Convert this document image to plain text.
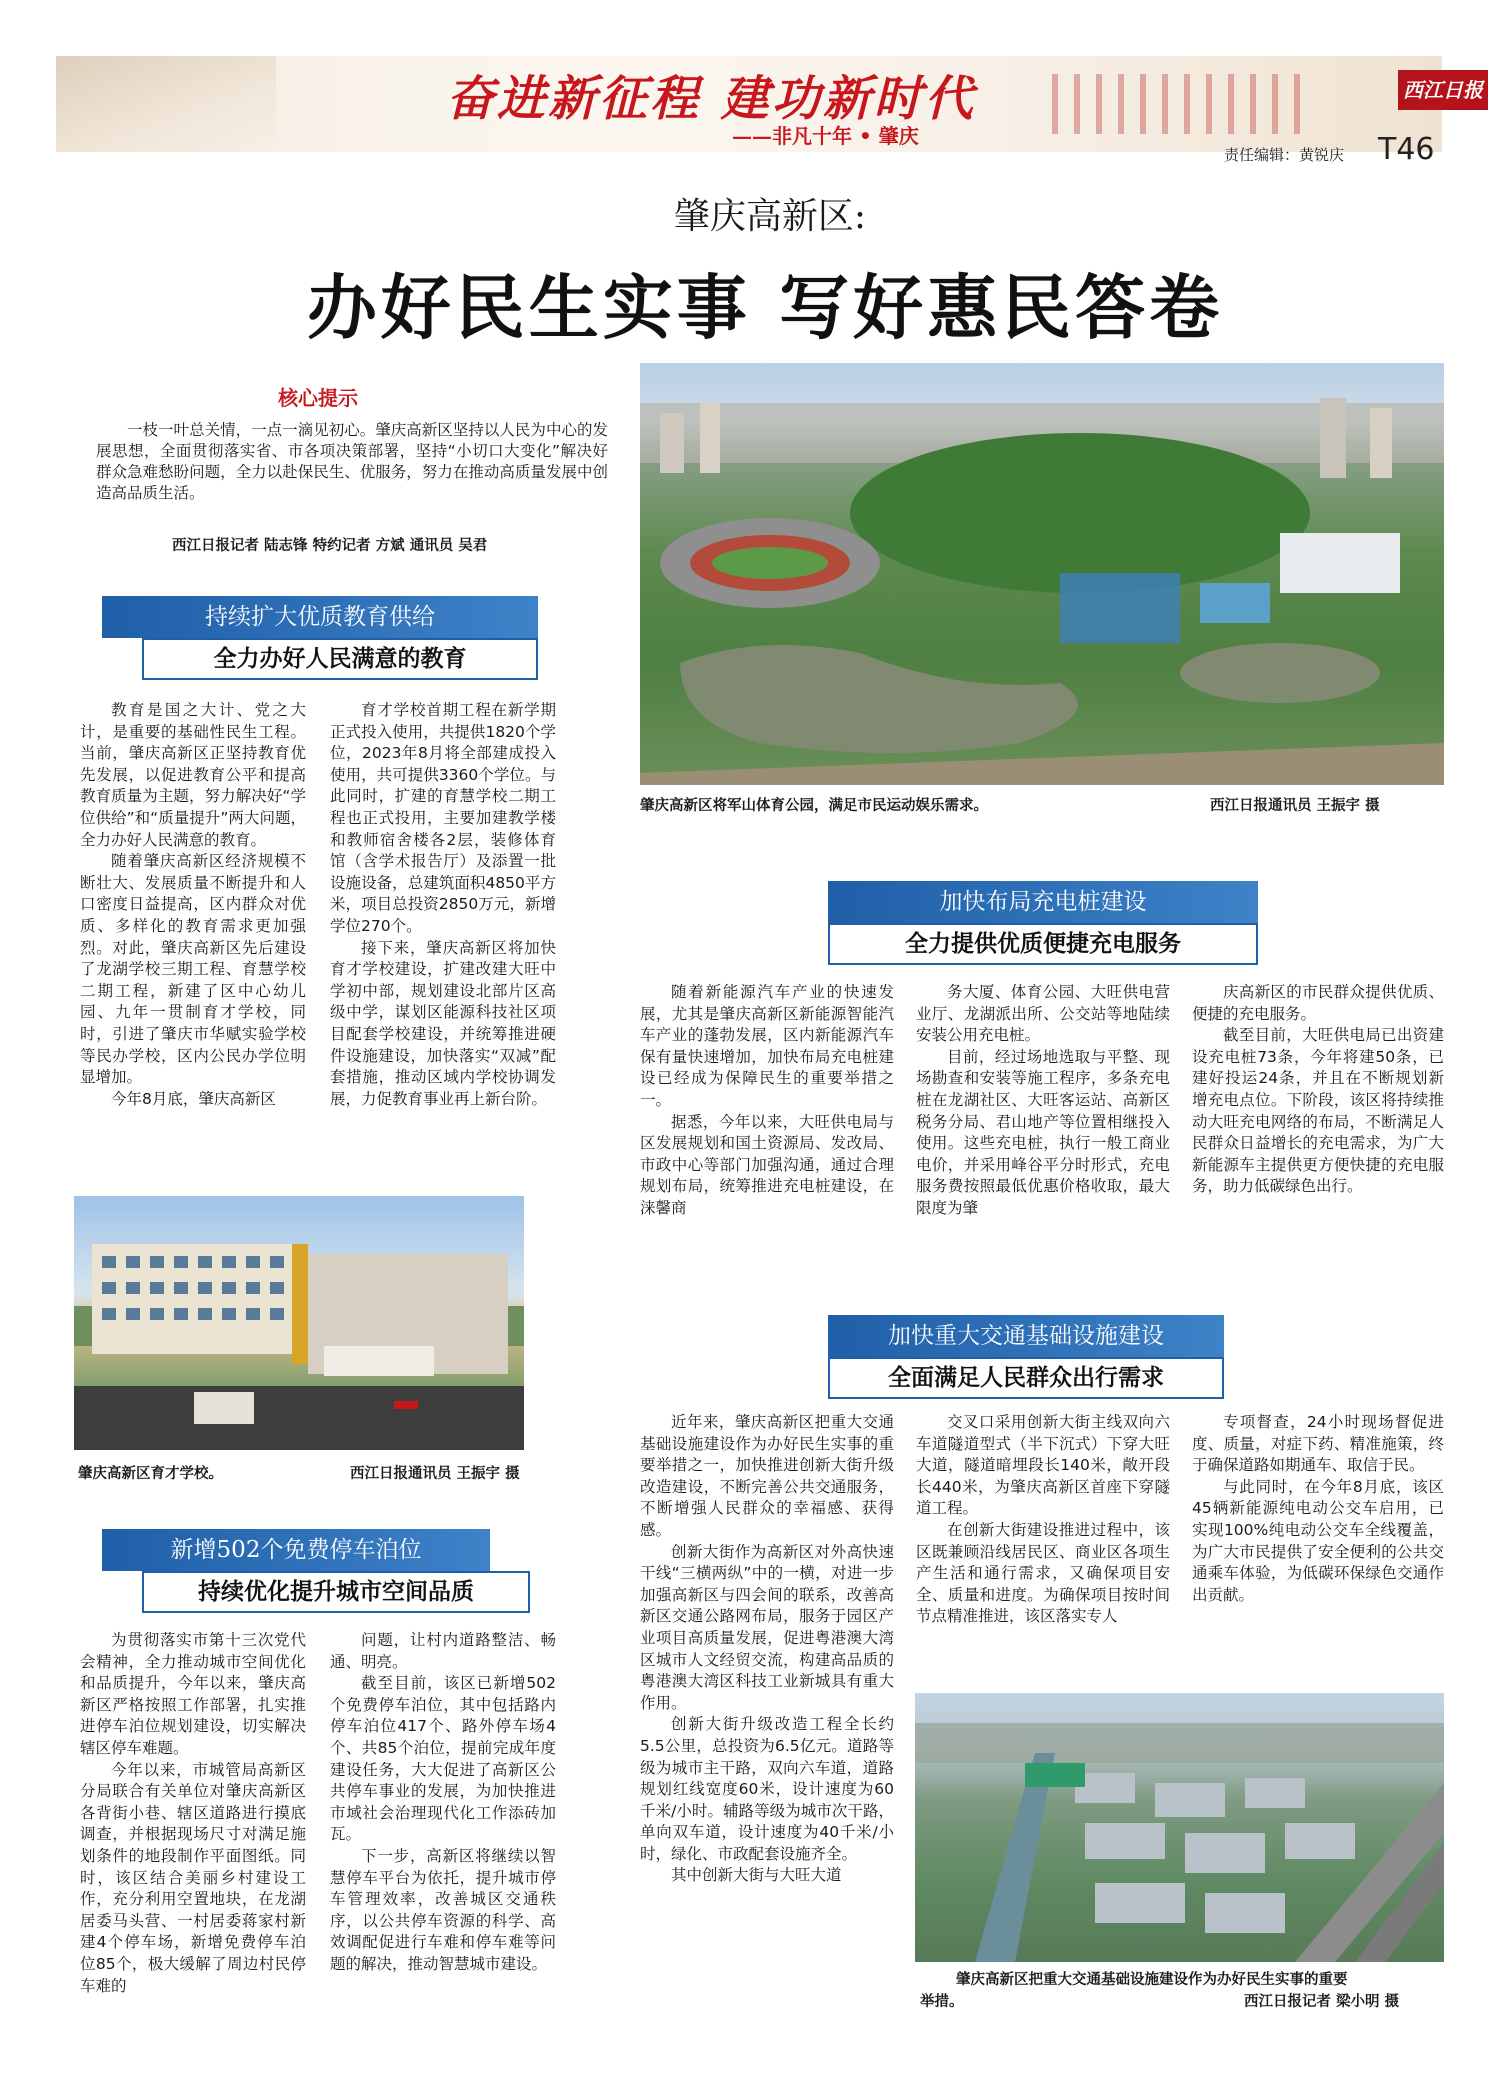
奋进新征程 建功新时代
——非凡十年 • 肇庆
西江日报
责任编辑：黄锐庆 T46
肇庆高新区:
办好民生实事 写好惠民答卷
核心提示
一枝一叶总关情，一点一滴见初心。肇庆高新区坚持以人民为中心的发展思想，全面贯彻落实省、市各项决策部署，坚持“小切口大变化”解决好群众急难愁盼问题，全力以赴保民生、优服务，努力在推动高质量发展中创造高品质生活。
西江日报记者 陆志锋 特约记者 方斌 通讯员 吴君
肇庆高新区将军山体育公园，满足市民运动娱乐需求。	西江日报通讯员 王振宇 摄
持续扩大优质教育供给
全力办好人民满意的教育

教育是国之大计、党之大计，是重要的基础性民生工程。当前，肇庆高新区正坚持教育优先发展，以促进教育公平和提高教育质量为主题，努力解决好“学位供给”和“质量提升”两大问题，全力办好人民满意的教育。

随着肇庆高新区经济规模不断壮大、发展质量不断提升和人口密度日益提高，区内群众对优质、多样化的教育需求更加强烈。对此，肇庆高新区先后建设了龙湖学校三期工程、育慧学校二期工程，新建了区中心幼儿园、九年一贯制育才学校，同时，引进了肇庆市华赋实验学校等民办学校，区内公民办学位明显增加。

今年8月底，肇庆高新区

育才学校首期工程在新学期正式投入使用，共提供1820个学位，2023年8月将全部建成投入使用，共可提供3360个学位。与此同时，扩建的育慧学校二期工程也正式投用，主要加建教学楼和教师宿舍楼各2层，装修体育馆（含学术报告厅）及添置一批设施设备，总建筑面积4850平方米，项目总投资2850万元，新增学位270个。

接下来，肇庆高新区将加快育才学校建设，扩建改建大旺中学初中部，规划建设北部片区高级中学，谋划区能源科技社区项目配套学校建设，并统筹推进硬件设施建设，加快落实“双减”配套措施，推动区域内学校协调发展，力促教育事业再上新台阶。

肇庆高新区育才学校。	西江日报通讯员 王振宇 摄
新增502个免费停车泊位
持续优化提升城市空间品质

为贯彻落实市第十三次党代会精神，全力推动城市空间优化和品质提升，今年以来，肇庆高新区严格按照工作部署，扎实推进停车泊位规划建设，切实解决辖区停车难题。

今年以来，市城管局高新区分局联合有关单位对肇庆高新区各背街小巷、辖区道路进行摸底调查，并根据现场尺寸对满足施划条件的地段制作平面图纸。同时，该区结合美丽乡村建设工作，充分利用空置地块，在龙湖居委马头营、一村居委蒋家村新建4个停车场，新增免费停车泊位85个，极大缓解了周边村民停车难的

问题，让村内道路整洁、畅通、明亮。

截至目前，该区已新增502个免费停车泊位，其中包括路内停车泊位417个、路外停车场4个、共85个泊位，提前完成年度建设任务，大大促进了高新区公共停车事业的发展，为加快推进市域社会治理现代化工作添砖加瓦。

下一步，高新区将继续以智慧停车平台为依托，提升城市停车管理效率，改善城区交通秩序，以公共停车资源的科学、高效调配促进行车难和停车难等问题的解决，推动智慧城市建设。

加快布局充电桩建设
全力提供优质便捷充电服务

随着新能源汽车产业的快速发展，尤其是肇庆高新区新能源智能汽车产业的蓬勃发展，区内新能源汽车保有量快速增加，加快布局充电桩建设已经成为保障民生的重要举措之一。

据悉，今年以来，大旺供电局与区发展规划和国土资源局、发改局、市政中心等部门加强沟通，通过合理规划布局，统筹推进充电桩建设，在涞馨商

务大厦、体育公园、大旺供电营业厅、龙湖派出所、公交站等地陆续安装公用充电桩。

目前，经过场地选取与平整、现场勘查和安装等施工程序，多条充电桩在龙湖社区、大旺客运站、高新区税务分局、君山地产等位置相继投入使用。这些充电桩，执行一般工商业电价，并采用峰谷平分时形式，充电服务费按照最低优惠价格收取，最大限度为肇

庆高新区的市民群众提供优质、便捷的充电服务。

截至目前，大旺供电局已出资建设充电桩73条，今年将建50条，已建好投运24条，并且在不断规划新增充电点位。下阶段，该区将持续推动大旺充电网络的布局，不断满足人民群众日益增长的充电需求，为广大新能源车主提供更方便快捷的充电服务，助力低碳绿色出行。

加快重大交通基础设施建设
全面满足人民群众出行需求

近年来，肇庆高新区把重大交通基础设施建设作为办好民生实事的重要举措之一，加快推进创新大街升级改造建设，不断完善公共交通服务，不断增强人民群众的幸福感、获得感。

创新大街作为高新区对外高快速干线“三横两纵”中的一横，对进一步加强高新区与四会间的联系，改善高新区交通公路网布局，服务于园区产业项目高质量发展，促进粤港澳大湾区城市人文经贸交流，构建高品质的粤港澳大湾区科技工业新城具有重大作用。

创新大街升级改造工程全长约5.5公里，总投资为6.5亿元。道路等级为城市主干路，双向六车道，道路规划红线宽度60米，设计速度为60千米/小时。辅路等级为城市次干路，单向双车道，设计速度为40千米/小时，绿化、市政配套设施齐全。

其中创新大街与大旺大道

交叉口采用创新大街主线双向六车道隧道型式（半下沉式）下穿大旺大道，隧道暗埋段长140米，敞开段长440米，为肇庆高新区首座下穿隧道工程。

在创新大街建设推进过程中，该区既兼顾沿线居民区、商业区各项生产生活和通行需求，又确保项目安全、质量和进度。为确保项目按时间节点精准推进，该区落实专人

专项督查，24小时现场督促进度、质量，对症下药、精准施策，终于确保道路如期通车、取信于民。

与此同时，在今年8月底，该区45辆新能源纯电动公交车启用，已实现100%纯电动公交车全线覆盖，为广大市民提供了安全便利的公共交通乘车体验，为低碳环保绿色交通作出贡献。

肇庆高新区把重大交通基础设施建设作为办好民生实事的重要
举措。	西江日报记者 梁小明 摄
